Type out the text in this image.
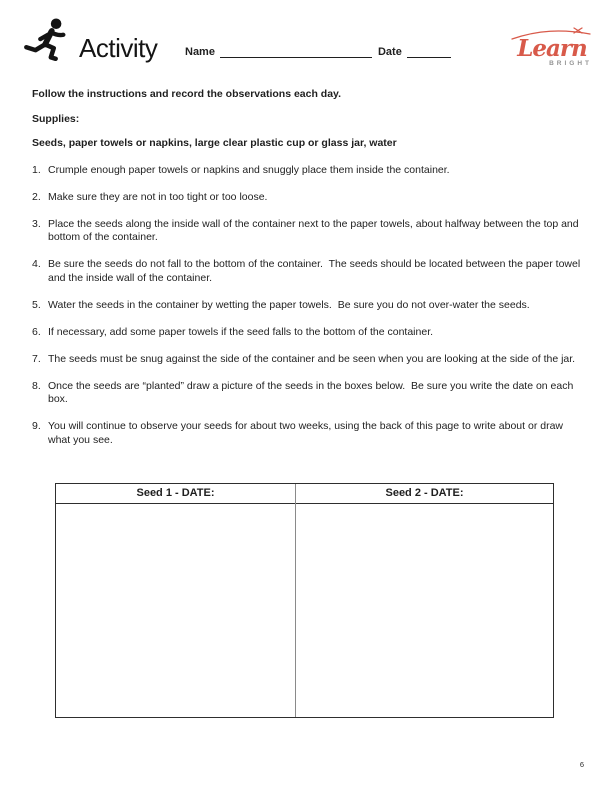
Activity	Name	Date	Learn
BRIGHT

Follow the instructions and record the observations each day.

Supplies:

Seeds, paper towels or napkins, large clear plastic cup or glass jar, water

1. Crumple enough paper towels or napkins and snuggly place them inside the container.
2. Make sure they are not in too tight or too loose.
3. Place the seeds along the inside wall of the container next to the paper towels, about halfway between the top and bottom of the container.
4. Be sure the seeds do not fall to the bottom of the container.  The seeds should be located between the paper towel and the inside wall of the container.
5. Water the seeds in the container by wetting the paper towels.  Be sure you do not over-water the seeds.
6. If necessary, add some paper towels if the seed falls to the bottom of the container.
7. The seeds must be snug against the side of the container and be seen when you are looking at the side of the jar.
8. Once the seeds are “planted” draw a picture of the seeds in the boxes below.  Be sure you write the date on each box.
9. You will continue to observe your seeds for about two weeks, using the back of this page to write about or draw what you see.
Seed 1 - DATE:	Seed 2 - DATE:
6
